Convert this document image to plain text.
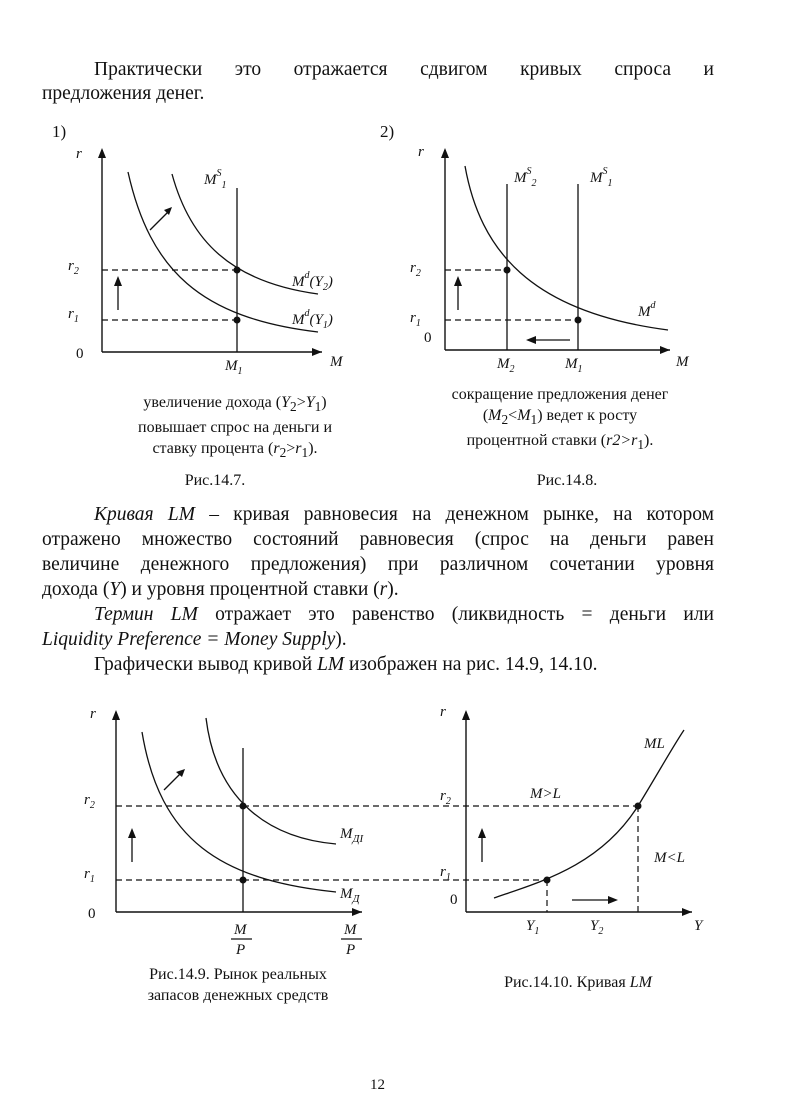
Практически это отражается сдвигом кривых спроса и
предложения денег.
1)	2)
r
$r_2$
$r_1$
0	M
$M_1$
$M^S_1$
$M^d(Y_2)$
$M^d(Y_1)$
r
$r_2$
$r_1$
0
M
$M_2$	$M_1$
$M^S_2$	$M^S_1$
$M^d$
увеличение дохода $(Y_2>Y_1)$
повышает спрос на деньги и
ставку процента $(r_2>r_1)$.
сокращение предложения денег
$(M_2<M_1)$ ведет к росту
процентной ставки $(r2>r_1)$.
Рис.14.7.	Рис.14.8.
Кривая LM – кривая равновесия на денежном рынке, на котором
отражено множество состояний равновесия (спрос на деньги равен
величине денежного предложения) при различном сочетании уровня
дохода (Y) и уровня процентной ставки (r).
Термин LM отражает это равенство (ликвидность = деньги или
Liquidity Preference = Money Supply).
Графически вывод кривой LM изображен на рис. 14.9, 14.10.
r
$r_2$
$r_1$
0
$M_{ДI}$
$M_Д$
M
P
M
P
r
$r_2$
$r_1$
0
ML
M>L
M<L
Y
$Y_1$	$Y_2$
Рис.14.9. Рынок реальных
запасов денежных средств
Рис.14.10. Кривая LM
12
